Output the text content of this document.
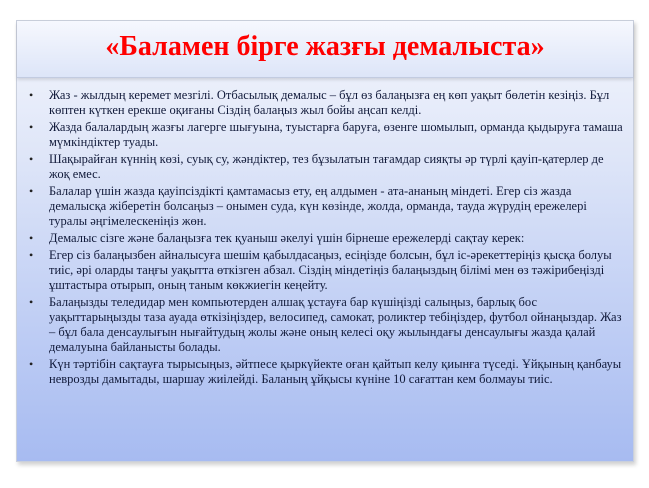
«Баламен бірге жазғы демалыста»
•	Жаз - жылдың керемет мезгілі. Отбасылық демалыс – бұл өз балаңызға ең көп уақыт бөлетін кезіңіз. Бұл көптен күткен ерекше оқиғаны Сіздің балаңыз жыл бойы аңсап келді.
•	Жазда балалардың жазғы лагерге шығуына, туыстарға баруға, өзенге шомылып, орманда қыдыруға тамаша мүмкіндіктер туады.
•	Шақырайған күннің көзі, суық су, жәндіктер, тез бұзылатын тағамдар сияқты әр түрлі қауіп-қатерлер де жоқ емес.
•	Балалар үшін жазда қауіпсіздікті қамтамасыз ету, ең алдымен - ата-ананың міндеті. Егер сіз жазда демалысқа жіберетін болсаңыз – онымен суда, күн көзінде, жолда, орманда, тауда жүрудің ережелері туралы әңгімелескеніңіз жөн.
•	Демалыс сізге және балаңызға тек қуаныш әкелуі үшін бірнеше ережелерді сақтау керек:
•	Егер сіз балаңызбен айналысуға шешім қабылдасаңыз, есіңізде болсын, бұл іс-әрекеттеріңіз қысқа болуы тиіс, әрі оларды таңғы уақытта өткізген абзал. Сіздің міндетіңіз балаңыздың білімі мен өз тәжірибеңізді ұштастыра отырып, оның таным көкжиегін кеңейту.
•	Балаңызды теледидар мен компьютерден алшақ ұстауға бар күшіңізді салыңыз, барлық бос уақыттарыңызды таза ауада өткізіңіздер, велосипед, самокат, роликтер тебіңіздер, футбол ойнаңыздар. Жаз – бұл бала денсаулығын нығайтудың жолы және оның келесі оқу жылындағы денсаулығы жазда қалай демалуына байланысты болады.
•	Күн тәртібін сақтауға тырысыңыз, әйтпесе қыркүйекте оған қайтып келу қиынға түседі. Ұйқының қанбауы неврозды дамытады, шаршау жиілейді. Баланың ұйқысы күніне 10 сағаттан кем болмауы тиіс.
